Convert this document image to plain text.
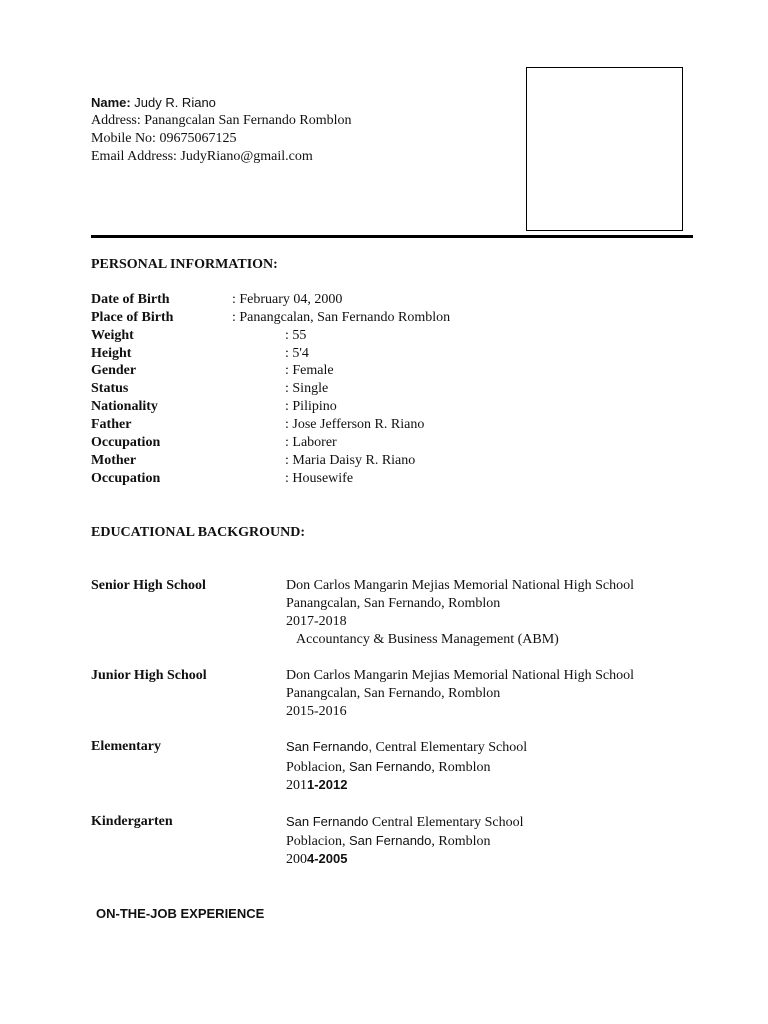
Name: Judy R. Riano
Address: Panangcalan San Fernando Romblon
Mobile No: 09675067125
Email Address: JudyRiano@gmail.com
PERSONAL INFORMATION:
Date of Birth	: February 04, 2000
Place of Birth	: Panangcalan, San Fernando Romblon
Weight	: 55
Height	: 5'4
Gender	: Female
Status	: Single
Nationality	: Pilipino
Father	: Jose Jefferson R. Riano
Occupation	: Laborer
Mother	: Maria Daisy R. Riano
Occupation	: Housewife
EDUCATIONAL BACKGROUND:
Senior High School	Don Carlos Mangarin Mejias Memorial National High School
Panangcalan, San Fernando, Romblon
2017-2018
Accountancy & Business Management (ABM)
Junior High School	Don Carlos Mangarin Mejias Memorial National High School
Panangcalan, San Fernando, Romblon
2015-2016
Elementary	San Fernando, Central Elementary School
Poblacion, San Fernando, Romblon
2011-2012
Kindergarten	San Fernando Central Elementary School
Poblacion, San Fernando, Romblon
2004-2005
ON-THE-JOB EXPERIENCE
